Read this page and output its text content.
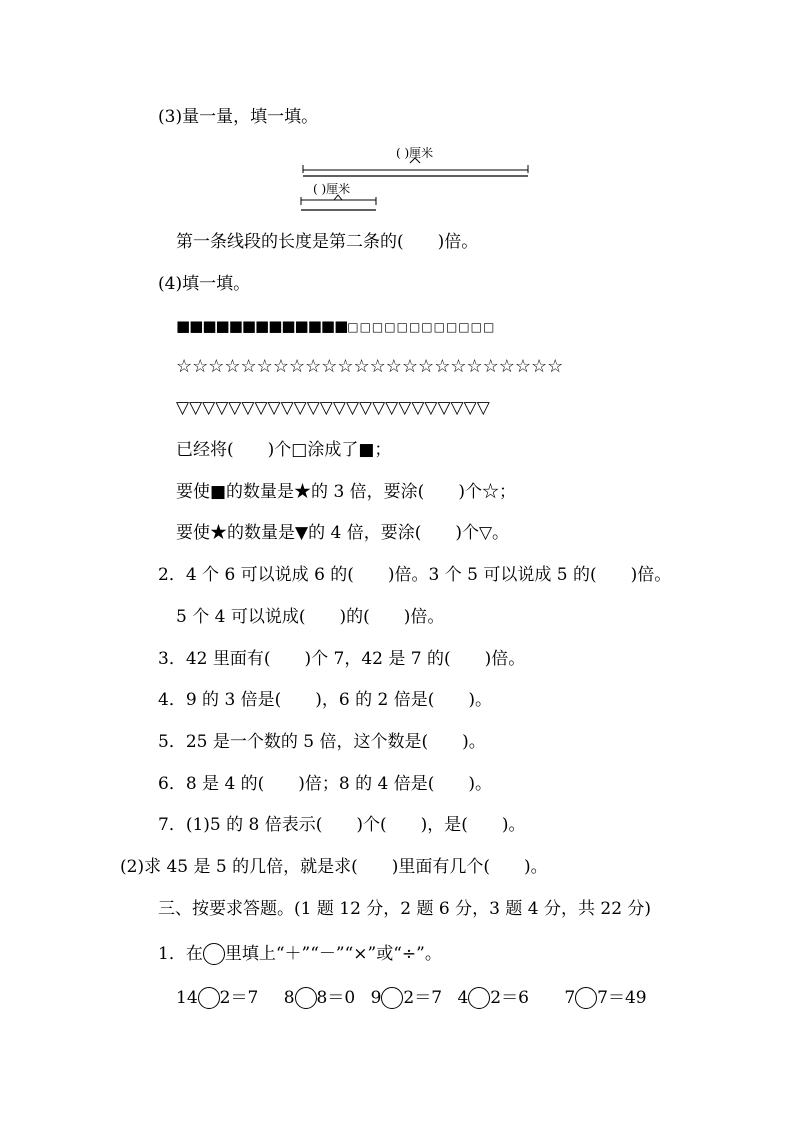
(3)量一量，填一填。
( )厘米
( )厘米
第一条线段的长度是第二条的(　　)倍。
(4)填一填。
■■■■■■■■■■■■■□□□□□□□□□□□□
☆☆☆☆☆☆☆☆☆☆☆☆☆☆☆☆☆☆☆☆☆☆☆☆
▽▽▽▽▽▽▽▽▽▽▽▽▽▽▽▽▽▽▽▽▽▽▽▽
已经将(　　)个□涂成了■；
要使■的数量是★的 3 倍，要涂(　　)个☆；
要使★的数量是▼的 4 倍，要涂(　　)个▽。
2．4 个 6 可以说成 6 的(　　)倍。3 个 5 可以说成 5 的(　　)倍。
5 个 4 可以说成(　　)的(　　)倍。
3．42 里面有(　　)个 7，42 是 7 的(　　)倍。
4．9 的 3 倍是(　　)，6 的 2 倍是(　　)。
5．25 是一个数的 5 倍，这个数是(　　)。
6．8 是 4 的(　　)倍；8 的 4 倍是(　　)。
7．(1)5 的 8 倍表示(　　)个(　　)，是(　　)。
(2)求 45 是 5 的几倍，就是求(　　)里面有几个(　　)。
三、按要求答题。(1 题 12 分，2 题 6 分，3 题 4 分，共 22 分)
1．在 里填上“＋”“－”“×”或“÷”。
14 2＝7 8 8＝0 9 2＝7 4 2＝6 7 7＝49
